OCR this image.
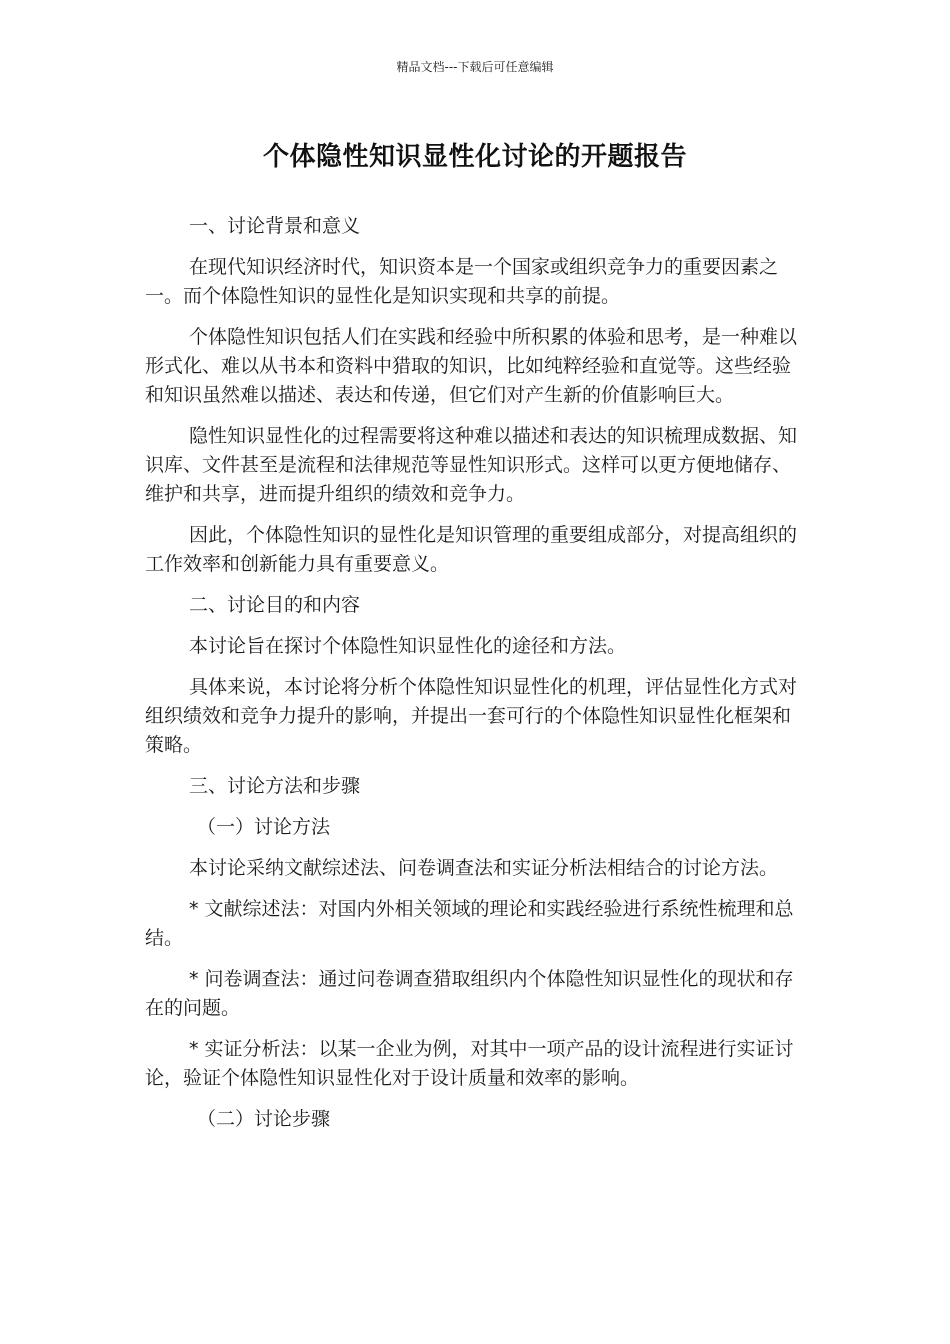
精品文档---下载后可任意编辑
个体隐性知识显性化讨论的开题报告
一、讨论背景和意义
在现代知识经济时代，知识资本是一个国家或组织竞争力的重要因素之一。而个体隐性知识的显性化是知识实现和共享的前提。
个体隐性知识包括人们在实践和经验中所积累的体验和思考，是一种难以形式化、难以从书本和资料中猎取的知识，比如纯粹经验和直觉等。这些经验和知识虽然难以描述、表达和传递，但它们对产生新的价值影响巨大。
隐性知识显性化的过程需要将这种难以描述和表达的知识梳理成数据、知识库、文件甚至是流程和法律规范等显性知识形式。这样可以更方便地储存、维护和共享，进而提升组织的绩效和竞争力。
因此，个体隐性知识的显性化是知识管理的重要组成部分，对提高组织的工作效率和创新能力具有重要意义。
二、讨论目的和内容
本讨论旨在探讨个体隐性知识显性化的途径和方法。
具体来说，本讨论将分析个体隐性知识显性化的机理，评估显性化方式对组织绩效和竞争力提升的影响，并提出一套可行的个体隐性知识显性化框架和策略。
三、讨论方法和步骤
（一）讨论方法
本讨论采纳文献综述法、问卷调查法和实证分析法相结合的讨论方法。
* 文献综述法：对国内外相关领域的理论和实践经验进行系统性梳理和总结。
* 问卷调查法：通过问卷调查猎取组织内个体隐性知识显性化的现状和存在的问题。
* 实证分析法：以某一企业为例，对其中一项产品的设计流程进行实证讨论，验证个体隐性知识显性化对于设计质量和效率的影响。
（二）讨论步骤
